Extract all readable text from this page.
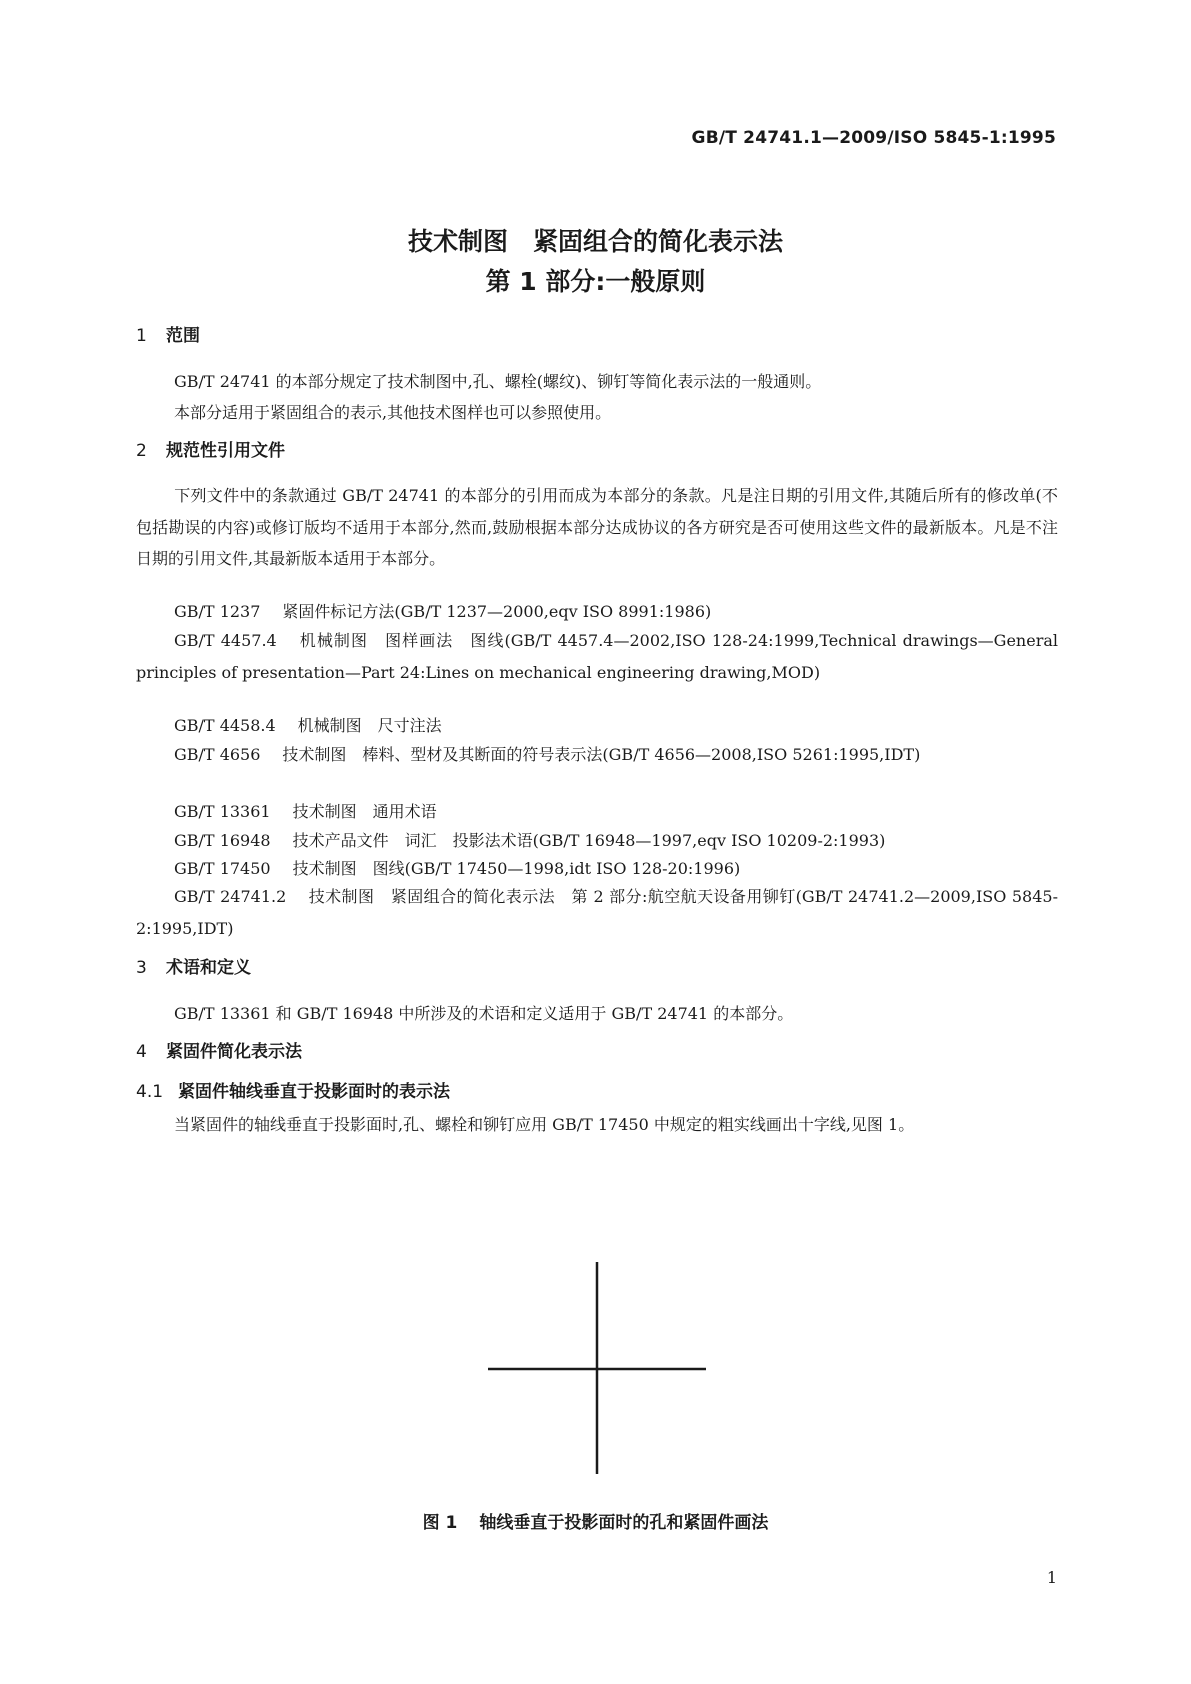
GB/T 24741.1—2009/ISO 5845-1:1995
技术制图　紧固组合的简化表示法
第 1 部分:一般原则
1 范围
GB/T 24741 的本部分规定了技术制图中,孔、螺栓(螺纹)、铆钉等简化表示法的一般通则。
本部分适用于紧固组合的表示,其他技术图样也可以参照使用。
2 规范性引用文件
下列文件中的条款通过 GB/T 24741 的本部分的引用而成为本部分的条款。凡是注日期的引用文件,其随后所有的修改单(不包括勘误的内容)或修订版均不适用于本部分,然而,鼓励根据本部分达成协议的各方研究是否可使用这些文件的最新版本。凡是不注日期的引用文件,其最新版本适用于本部分。
GB/T 1237 紧固件标记方法(GB/T 1237—2000,eqv ISO 8991:1986)
GB/T 4457.4 机械制图　图样画法　图线(GB/T 4457.4—2002,ISO 128-24:1999,Technical drawings—General principles of presentation—Part 24:Lines on mechanical engineering drawing,MOD)
GB/T 4458.4 机械制图　尺寸注法
GB/T 4656 技术制图　棒料、型材及其断面的符号表示法(GB/T 4656—2008,ISO 5261:1995,IDT)
GB/T 13361 技术制图　通用术语
GB/T 16948 技术产品文件　词汇　投影法术语(GB/T 16948—1997,eqv ISO 10209-2:1993)
GB/T 17450 技术制图　图线(GB/T 17450—1998,idt ISO 128-20:1996)
GB/T 24741.2 技术制图　紧固组合的简化表示法　第 2 部分:航空航天设备用铆钉(GB/T 24741.2—2009,ISO 5845-2:1995,IDT)
3 术语和定义
GB/T 13361 和 GB/T 16948 中所涉及的术语和定义适用于 GB/T 24741 的本部分。
4 紧固件简化表示法
4.1 紧固件轴线垂直于投影面时的表示法
当紧固件的轴线垂直于投影面时,孔、螺栓和铆钉应用 GB/T 17450 中规定的粗实线画出十字线,见图 1。
图 1 轴线垂直于投影面时的孔和紧固件画法
1
